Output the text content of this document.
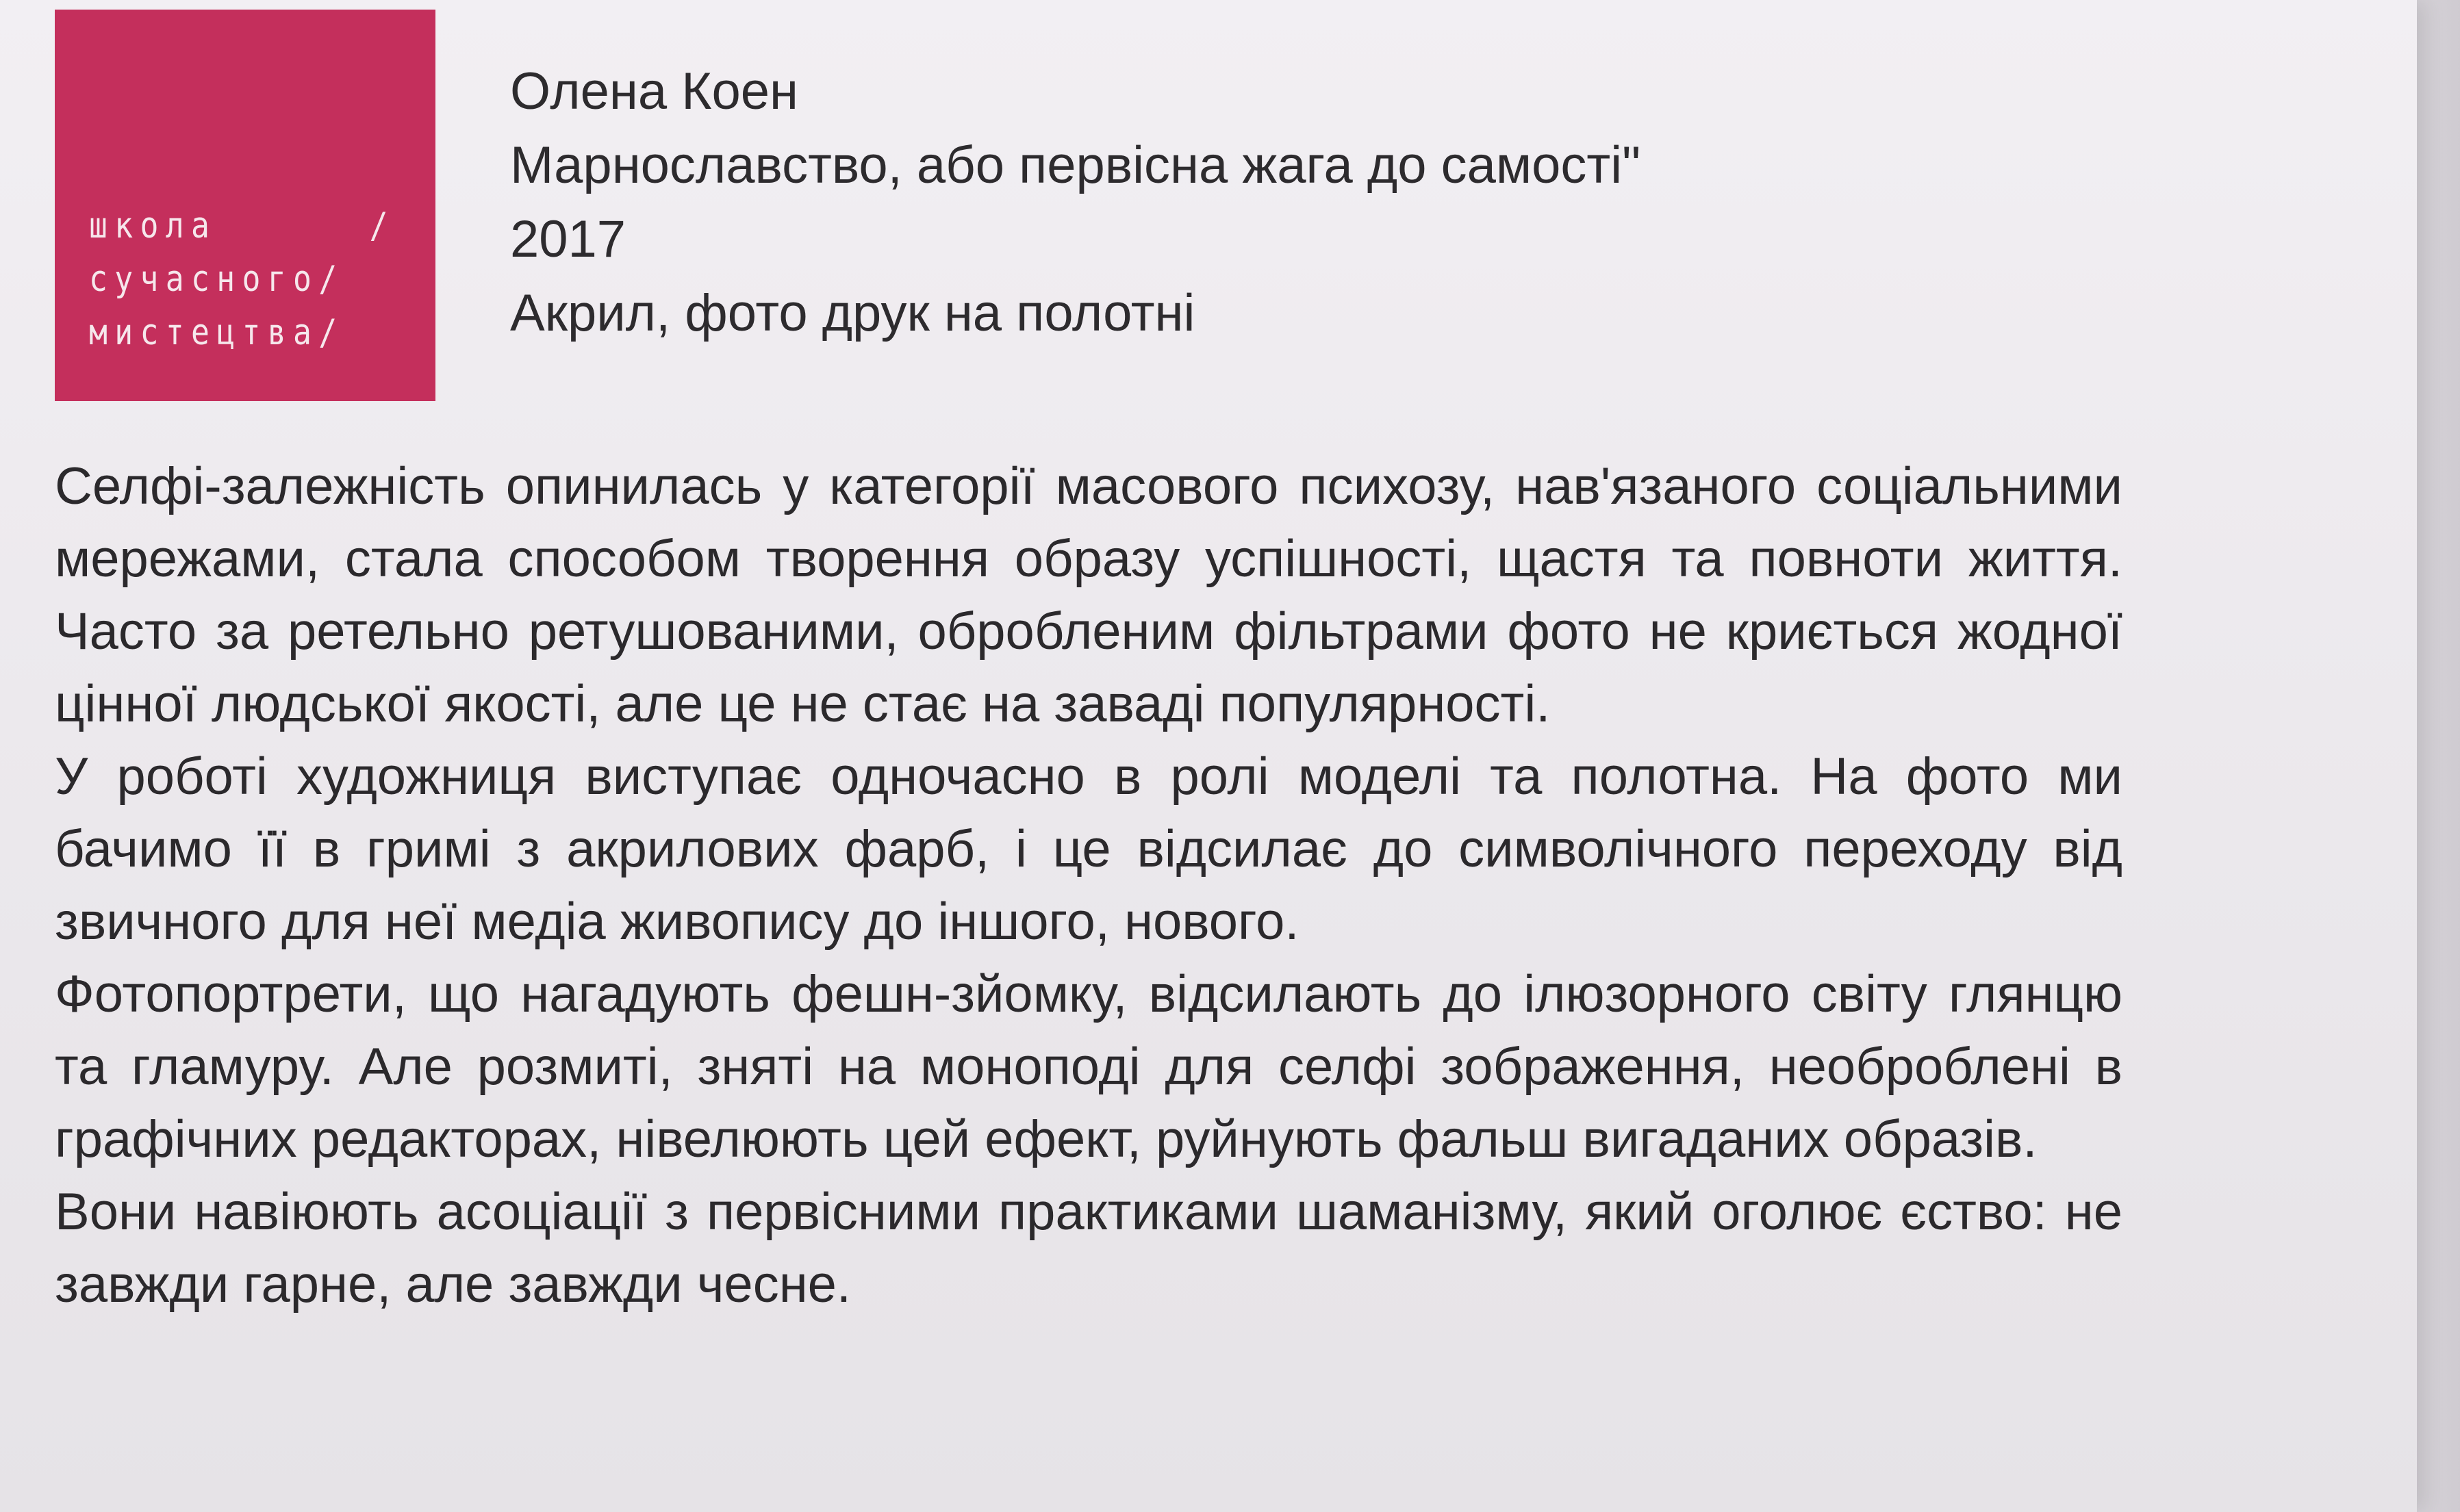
школа      /
сучасного/
мистецтва/
Олена Коен
Марнославство, або первісна жага до самості"
2017
Акрил, фото друк на полотні

Селфі-залежність опинилась у категорії масового психозу, нав'язаного соціальними мережами, стала способом творення образу успішності, щастя та повноти життя. Часто за ретельно ретушованими, обробленим фільтрами фото не криється жодної цінної людської якості, але це не стає на заваді популярності.

У роботі художниця виступає одночасно в ролі моделі та полотна. На фото ми бачимо її в гримі з акрилових фарб, і це відсилає до символічного переходу від звичного для неї медіа живопису до іншого, нового.

Фотопортрети, що нагадують фешн-зйомку, відсилають до ілюзорного світу глянцю та гламуру. Але розмиті, зняті на моноподі для селфі зображення, необроблені в графічних редакторах, нівелюють цей ефект, руйнують фальш вигаданих образів.

Вони навіюють асоціації з первісними практиками шаманізму, який оголює єство: не завжди гарне, але завжди чесне.
